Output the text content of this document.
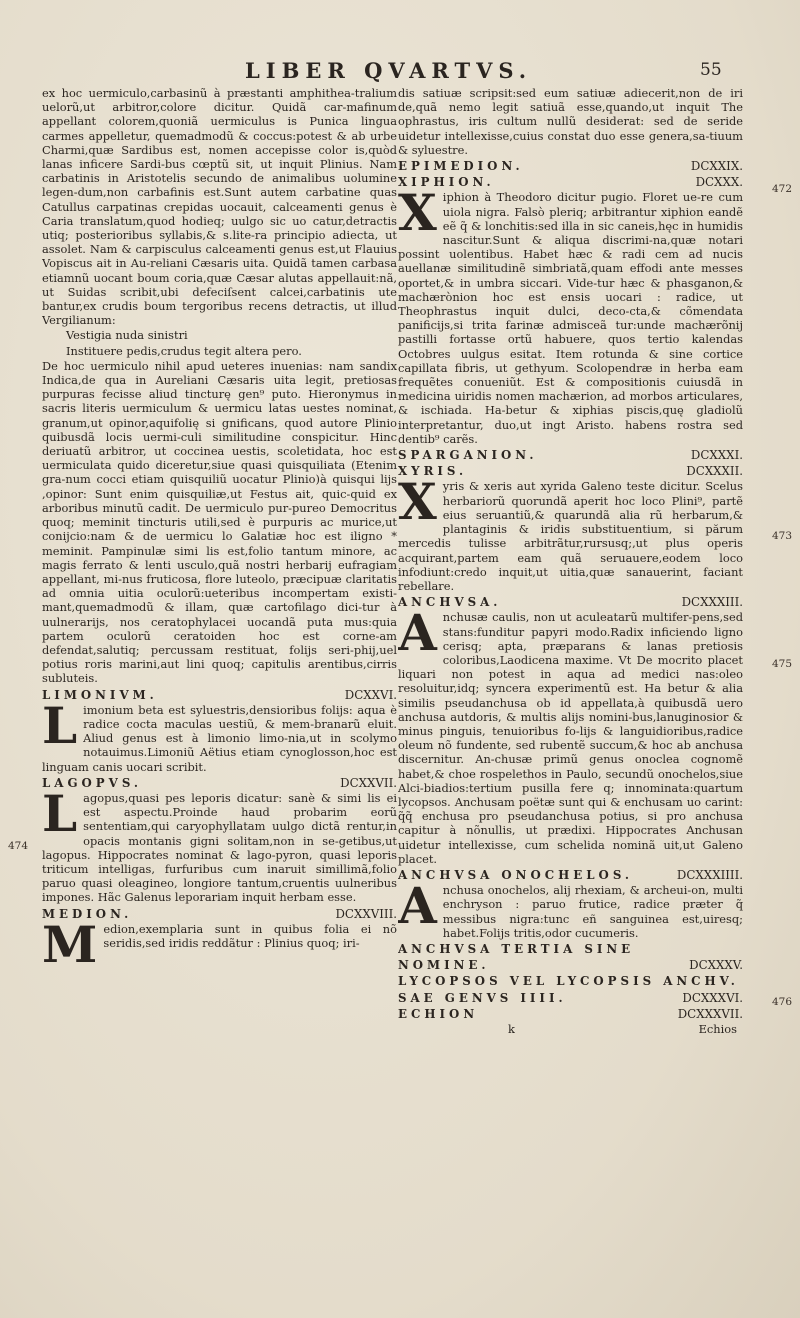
LIBER QVARTVS.	55
472
473
474
475
476

ex hoc uermiculo,carbasinũ à præstanti amphithea-tralium uelorũ,ut arbitror,colore dicitur. Quidã car-mafinum appellant colorem,quoniã uermiculus is Punica lingua carmes appelletur, quemadmodũ & coccus:potest & ab urbe Charmi,quæ Sardibus est, nomen accepisse color is,quòd lanas inficere Sardi-bus cœptũ sit, ut inquit Plinius. Nam carbatinis in Aristotelis secundo de animalibus uolumine legen-dum,non carbafinis est.Sunt autem carbatine quas Catullus carpatinas crepidas uocauit, calceamenti genus è Caria translatum,quod hodieq; uulgo sic uo catur,detractis utiq; posterioribus syllabis,& s.lite-ra principio adiecta, ut assolet. Nam & carpisculus calceamenti genus est,ut Flauius Vopiscus ait in Au-reliani Cæsaris uita. Quidã tamen carbasa etiamnũ uocant boum coria,quæ Cæsar alutas appellauit:nã, ut Suidas scribit,ubi defeciſsent calcei,carbatinis ute bantur,ex crudis boum tergoribus recens detractis, ut illud Vergilianum:

Vestigia nuda sinistri

Instituere pedis,crudus tegit altera pero.

De hoc uermiculo nihil apud ueteres inuenias: nam sandix Indica,de qua in Aureliani Cæsaris uita legit, pretiosas purpuras fecisse aliud tincturę gen⁹ puto. Hieronymus in sacris literis uermiculum & uermicu latas uestes nominat, granum,ut opinor,aquifolię si gnificans, quod autore Plinio quibusdã locis uermi-culi similitudine conspicitur. Hinc deriuatũ arbitror, ut coccinea uestis, scoletidata, hoc est uermiculata quido diceretur,siue quasi quisquiliata (Etenim gra-num cocci etiam quisquiliũ uocatur Plinio)à quisqui lijs ,opinor: Sunt enim quisquiliæ,ut Festus ait, quic-quid ex arboribus minutũ cadit. De uermiculo pur-pureo Democritus quoq; meminit tincturis utili,sed è purpuris ac murice,ut conijcio:nam & de uermicu lo Galatiæ hoc est iligno * meminit. Pampinulæ simi lis est,folio tantum minore, ac magis ferrato & lenti usculo,quã nostri herbarij eufragiam appellant, mi-nus fruticosa, flore luteolo, præcipuæ claritatis ad omnia uitia oculorũ:ueteribus incompertam existi-mant,quemadmodũ & illam, quæ cartofilago dici-tur à uulnerarijs, nos ceratophylacei uocandã puta mus:quia partem oculorũ ceratoiden hoc est corne-am defendat,salutiq; percussam restituat, folijs seri-phij,uel potius roris marini,aut lini quoq; capitulis arentibus,cirris subluteis.

LIMONIVM.	DCXXVI.

L imonium beta est syluestris,densioribus folijs: aqua è radice cocta maculas uestiũ, & mem-branarũ eluit. Aliud genus est à limonio limo-nia,ut in scolymo notauimus.Limoniũ Aëtius etiam cynoglosson,hoc est linguam canis uocari scribit.

LAGOPVS.	DCXXVII.

L agopus,quasi pes leporis dicatur: sanè & simi lis ei est aspectu.Proinde haud probarim eorũ sententiam,qui caryophyllatam uulgo dictã rentur,in opacis montanis gigni solitam,non in se-getibus,ut lagopus. Hippocrates nominat & lago-pyron, quasi leporis triticum intelligas, furfuribus cum inaruit simillimã,folio paruo quasi oleagineo, longiore tantum,cruentis uulneribus impones. Hãc Galenus leporariam inquit herbam esse.

MEDION.	DCXXVIII.

M edion,exemplaria sunt in quibus folia ei nõ seridis,sed iridis reddãtur : Plinius quoq; iri-

dis satiuæ scripsit:sed eum satiuæ adiecerit,non de iri de,quã nemo legit satiuã esse,quando,ut inquit The ophrastus, iris cultum nullũ desiderat: sed de seride uidetur intellexisse,cuius constat duo esse genera,sa-tiuum & syluestre.

EPIMEDION.	DCXXIX.
XIPHION.	DCXXX.

X iphion à Theodoro dicitur pugio. Floret ue-re cum uiola nigra. Falsò pleriq; arbitrantur xiphion eandẽ eẽ q̃ & lonchitis:sed illa in sic caneis,hęc in humidis nascitur.Sunt & aliqua discrimi-na,quæ notari possint uolentibus. Habet hæc & radi cem ad nucis auellanæ similitudinẽ simbriatã,quam effodi ante messes oportet,& in umbra siccari. Vide-tur hæc & phasganon,& machærònion hoc est ensis uocari : radice, ut Theophrastus inquit dulci, deco-cta,& cõmendata panificijs,si trita farinæ admisceã tur:unde machærõnij pastilli fortasse ortũ habuere, quos tertio kalendas Octobres uulgus esitat. Item rotunda & sine cortice capillata fibris, ut gethyum. Scolopendræ in herba eam frequẽtes conueniũt. Est & compositionis cuiusdã in medicina uiridis nomen machærion, ad morbos articulares, & ischiada. Ha-betur & xiphias piscis,quę gladiolũ interpretantur, duo,ut ingt Aristo. habens rostra sed dentib⁹ carẽs.

SPARGANION.	DCXXXI.
XYRIS.	DCXXXII.

X yris & xeris aut xyrida Galeno teste dicitur. Scelus herbariorũ quorundã aperit hoc loco Plini⁹, partẽ eius seruantiũ,& quarundã alia rũ herbarum,& plantaginis & iridis substituentium, si părum mercedis tulisse arbitrãtur,rursusq;,ut plus operis acquirant,partem eam quã seruauere,eodem loco infodiunt:credo inquit,ut uitia,quæ sanauerint, faciant rebellare.

ANCHVSA.	DCXXXIII.

A nchusæ caulis, non ut aculeatarũ multifer-pens,sed stans:funditur papyri modo.Radix inficiendo ligno cerisq; apta, præparans & lanas pretiosis coloribus,Laodicena maxime. Vt De mocrito placet liquari non potest in aqua ad medici nas:oleo resoluitur,idq; syncera experimentũ est. Ha betur & alia similis pseudanchusa ob id appellata,à quibusdã uero anchusa autdoris, & multis alijs nomini-bus,lanuginosior & minus pinguis, tenuioribus fo-lijs & languidioribus,radice oleum nõ fundente, sed rubentẽ succum,& hoc ab anchusa discernitur. An-chusæ primũ genus onoclea cognomẽ habet,& choe rospelethos in Paulo, secundũ onochelos,siue Alci-biadios:tertium pusilla fere q; innominata:quartum lycopsos. Anchusam poëtæ sunt qui & enchusam uo carint: q̃q̃ enchusa pro pseudanchusa potius, si pro anchusa capitur à nõnullis, ut prædixi. Hippocrates Anchusan uidetur intellexisse, cum schelida nominã uit,ut Galeno placet.

ANCHVSA ONOCHELOS.	DCXXXIIII.

A nchusa onochelos, alij rhexiam, & archeui-on, multi enchryson : paruo frutice, radice præter q̃ messibus nigra:tunc eñ sanguinea est,uiresq; habet.Folijs tritis,odor cucumeris.

ANCHVSA TERTIA SINE
NOMINE.	DCXXXV.
LYCOPSOS VEL LYCOPSIS ANCHV.
SAE GENVS IIII.	DCXXXVI.
ECHION	DCXXXVII.
k	Echios
